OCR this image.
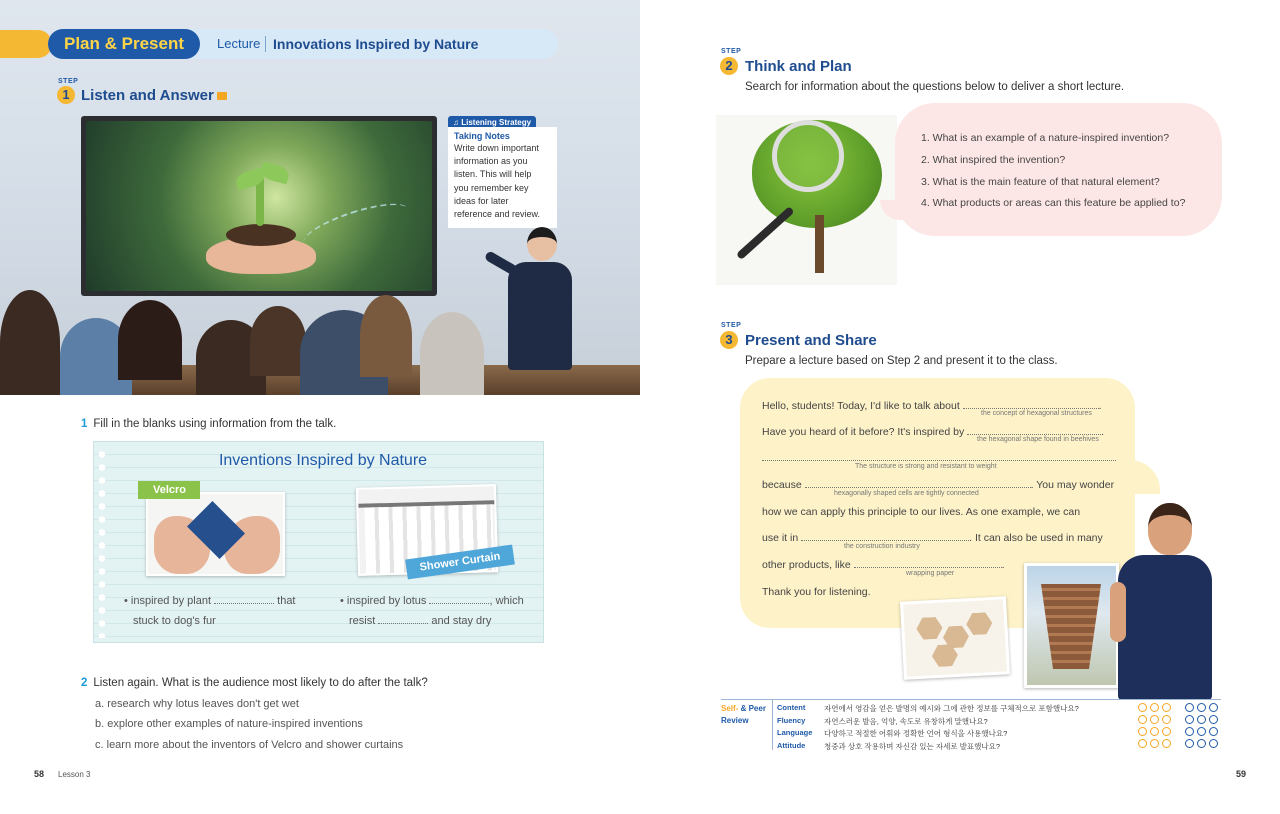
Plan & Present	Lecture Innovations Inspired by Nature
STEP
1 Listen and Answer
♫ Listening Strategy
Taking Notes
Write down important
information as you
listen. This will help
you remember key
ideas for later
reference and review.
1 Fill in the blanks using information from the talk.
Inventions Inspired by Nature
Velcro
Shower Curtain
• inspired by plant	that
stuck to dog's fur
• inspired by lotus	, which
resist	and stay dry
2 Listen again. What is the audience most likely to do after the talk?
a. research why lotus leaves don't get wet
b. explore other examples of nature-inspired inventions
c. learn more about the inventors of Velcro and shower curtains
58 Lesson 3
STEP
2 Think and Plan
Search for information about the questions below to deliver a short lecture.
1. What is an example of a nature-inspired invention?
2. What inspired the invention?
3. What is the main feature of that natural element?
4. What products or areas can this feature be applied to?
STEP
3 Present and Share
Prepare a lecture based on Step 2 and present it to the class.
Hello, students! Today, I'd like to talk about	.
the concept of hexagonal structures
Have you heard of it before? It's inspired by	.
the hexagonal shape found in beehives
The structure is strong and resistant to weight
because	. You may wonder
hexagonally shaped cells are tightly connected
how we can apply this principle to our lives. As one example, we can
use it in	. It can also be used in many
the construction industry
other products, like	.
wrapping paper
Thank you for listening.
Self- & Peer
Review
Content 자연에서 영감을 얻은 발명의 예시와 그에 관한 정보를 구체적으로 포함했나요?
Fluency 자연스러운 발음, 억양, 속도로 유창하게 말했나요?
Language 다양하고 적절한 어휘와 정확한 언어 형식을 사용했나요?
Attitude 청중과 상호 작용하며 자신감 있는 자세로 발표했나요?
59
